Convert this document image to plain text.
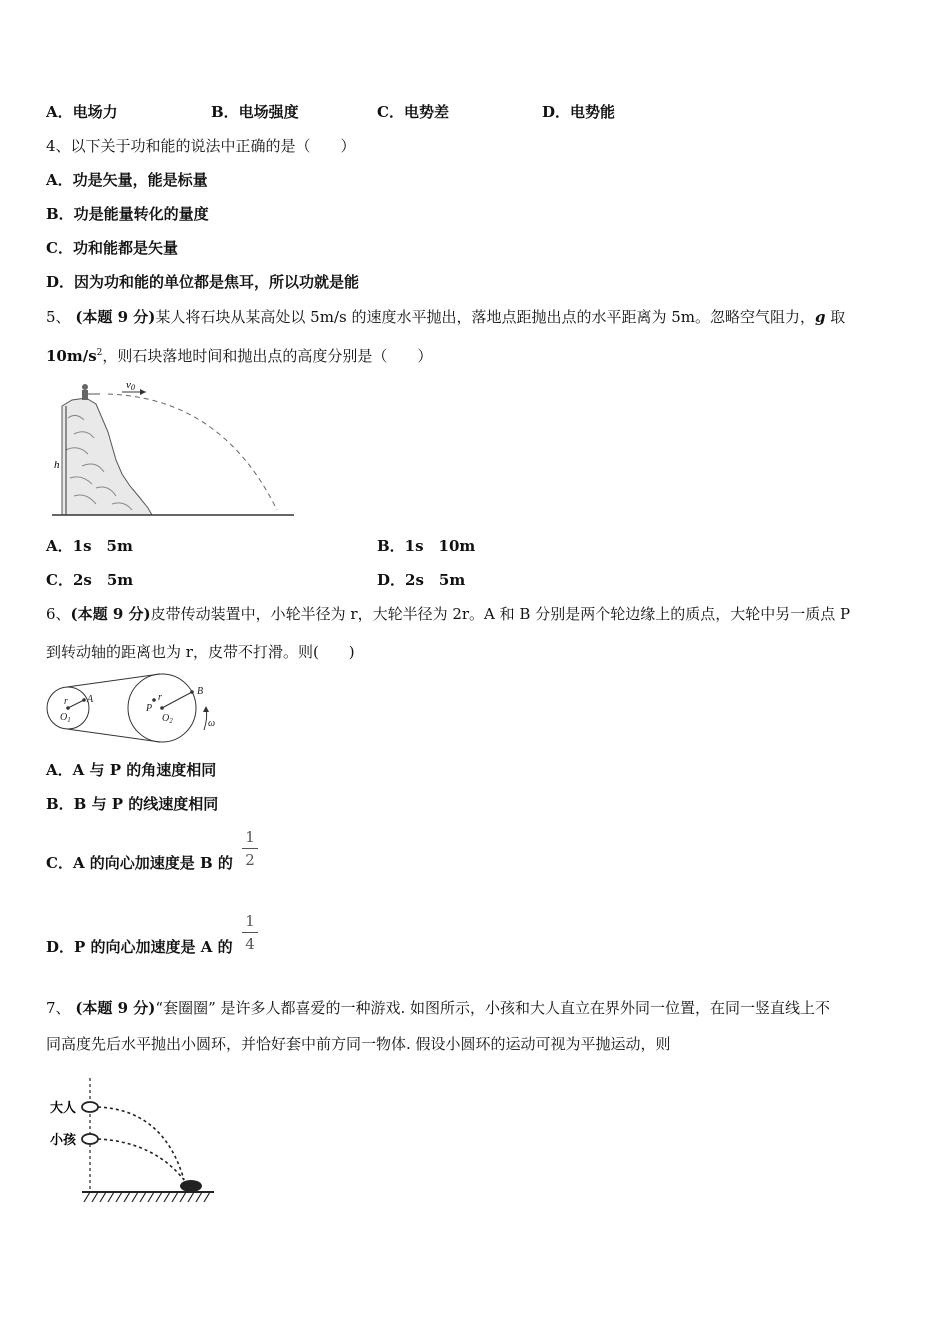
A．电场力	B．电场强度	C．电势差	D．电势能
4、以下关于功和能的说法中正确的是（　　）
A．功是矢量，能是标量
B．功是能量转化的量度
C．功和能都是矢量
D．因为功和能的单位都是焦耳，所以功就是能
5、 (本题 9 分)某人将石块从某高处以 5m/s 的速度水平抛出，落地点距抛出点的水平距离为 5m。忽略空气阻力，g 取
$10m/s^2$，则石块落地时间和抛出点的高度分别是（　　）
v0
h
A．1s　5m	B．1s　10m
C．2s　5m	D．2s　5m
6、(本题 9 分)皮带传动装置中，小轮半径为 r，大轮半径为 2r。A 和 B 分别是两个轮边缘上的质点，大轮中另一质点 P
到转动轴的距离也为 r，皮带不打滑。则(　　)
r A
$O_1$
r
P
$O_2$
B
ω
A．A 与 P 的角速度相同
B．B 与 P 的线速度相同
C．A 的向心加速度是 B 的
1
2
D．P 的向心加速度是 A 的
1
4
7、 (本题 9 分)“套圈圈” 是许多人都喜爱的一种游戏. 如图所示，小孩和大人直立在界外同一位置，在同一竖直线上不
同高度先后水平抛出小圆环，并恰好套中前方同一物体. 假设小圆环的运动可视为平抛运动，则
大人
小孩
